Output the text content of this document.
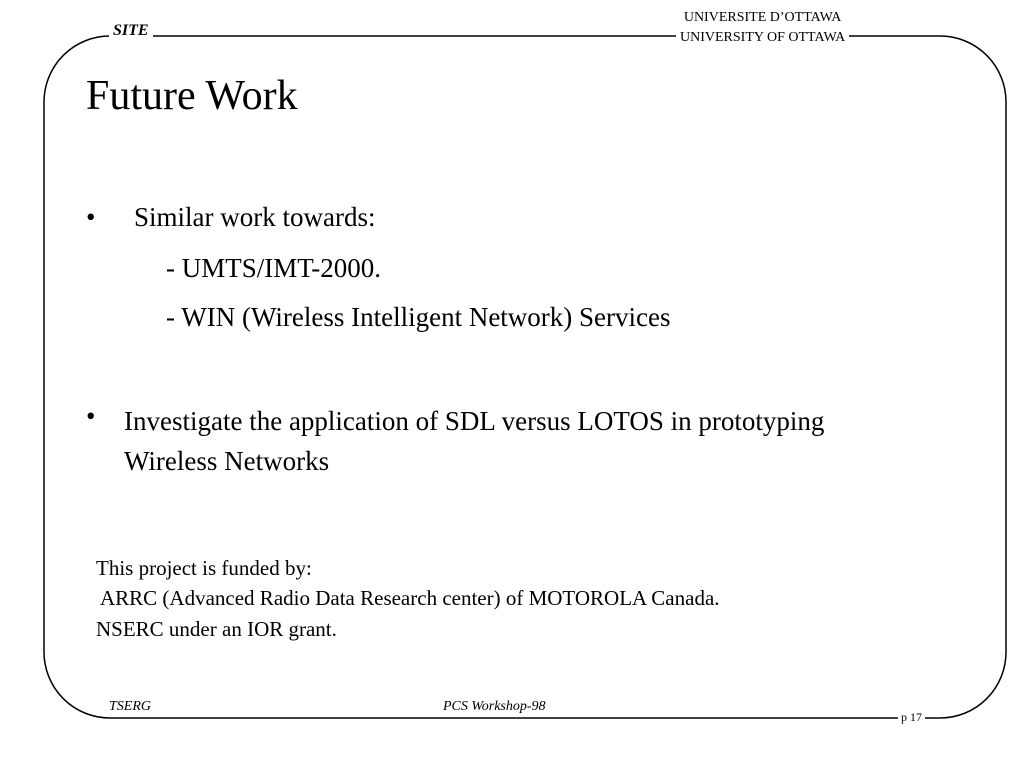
SITE
UNIVERSITE D’OTTAWA
UNIVERSITY OF OTTAWA
Future Work
• Similar work towards:
- UMTS/IMT-2000.
- WIN (Wireless Intelligent Network) Services
• Investigate the application of SDL versus LOTOS in prototyping Wireless Networks
This project is funded by:
ARRC (Advanced Radio Data Research center) of MOTOROLA Canada.
NSERC under an IOR grant.
TSERG	PCS Workshop-98
p 17
